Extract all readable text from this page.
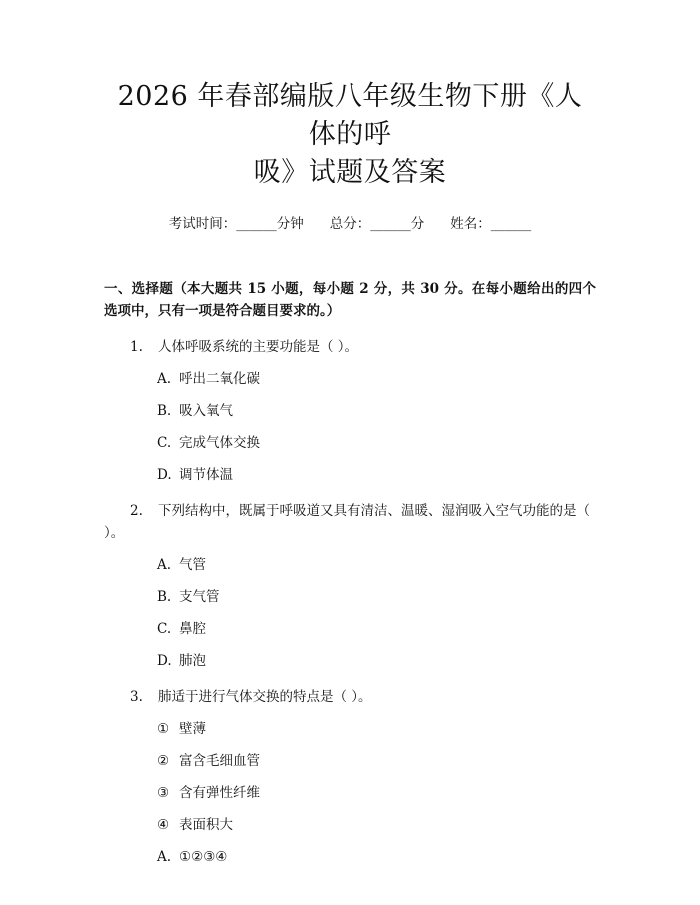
2026 年春部编版八年级生物下册《人体的呼
吸》试题及答案
考试时间：______分钟 总分：______分 姓名：______
一、选择题（本大题共 15 小题，每小题 2 分，共 30 分。在每小题给出的四个选项中，只有一项是符合题目要求的。）
1. 人体呼吸系统的主要功能是（ ）。
A. 呼出二氧化碳
B. 吸入氧气
C. 完成气体交换
D. 调节体温
2. 下列结构中，既属于呼吸道又具有清洁、温暖、湿润吸入空气功能的是（ ）。
A. 气管
B. 支气管
C. 鼻腔
D. 肺泡
3. 肺适于进行气体交换的特点是（ ）。
① 壁薄
② 富含毛细血管
③ 含有弹性纤维
④ 表面积大
A. ①②③④
